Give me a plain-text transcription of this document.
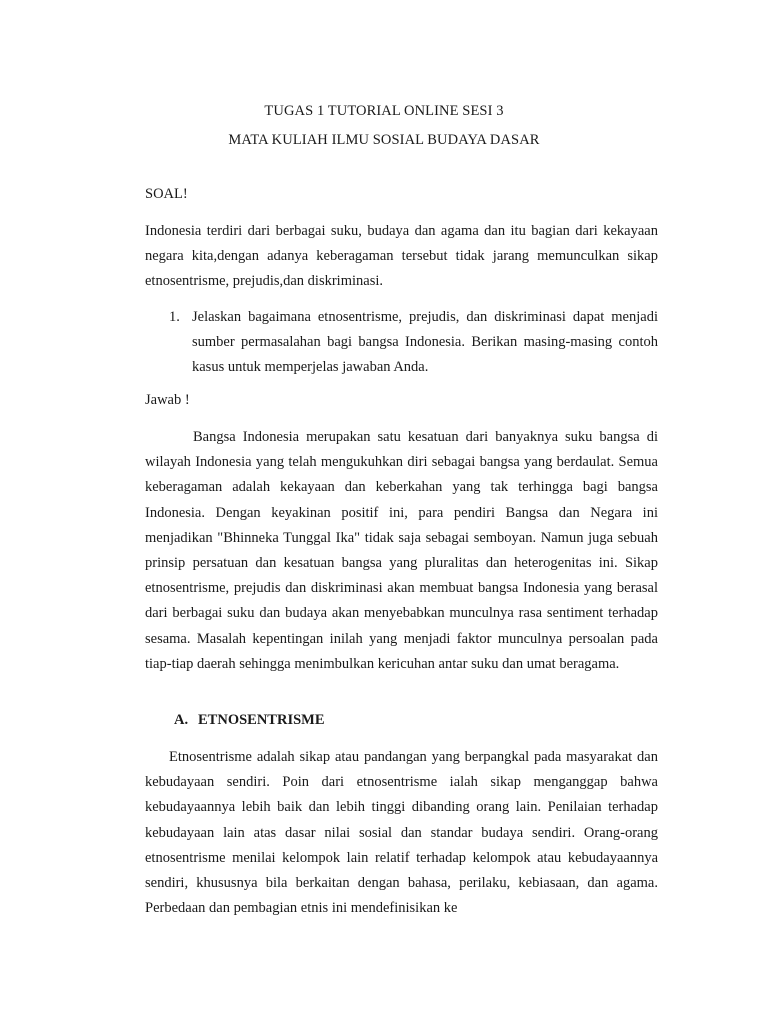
TUGAS 1 TUTORIAL ONLINE SESI 3
MATA KULIAH ILMU SOSIAL BUDAYA DASAR
SOAL!

Indonesia terdiri dari berbagai suku, budaya dan agama dan itu bagian dari kekayaan negara kita,dengan adanya keberagaman tersebut tidak jarang memunculkan sikap etnosentrisme, prejudis,dan diskriminasi.

1. Jelaskan bagaimana etnosentrisme, prejudis, dan diskriminasi dapat menjadi sumber permasalahan bagi bangsa Indonesia. Berikan masing-masing contoh kasus untuk memperjelas jawaban Anda.
Jawab !

Bangsa Indonesia merupakan satu kesatuan dari banyaknya suku bangsa di wilayah Indonesia yang telah mengukuhkan diri sebagai bangsa yang berdaulat. Semua keberagaman adalah kekayaan dan keberkahan yang tak terhingga bagi bangsa Indonesia. Dengan keyakinan positif ini, para pendiri Bangsa dan Negara ini menjadikan "Bhinneka Tunggal Ika" tidak saja sebagai semboyan. Namun juga sebuah prinsip persatuan dan kesatuan bangsa yang pluralitas dan heterogenitas ini. Sikap etnosentrisme, prejudis dan diskriminasi akan membuat bangsa Indonesia yang berasal dari berbagai suku dan budaya akan menyebabkan munculnya rasa sentiment terhadap sesama. Masalah kepentingan inilah yang menjadi faktor munculnya persoalan pada tiap-tiap daerah sehingga menimbulkan kericuhan antar suku dan umat beragama.

A. ETNOSENTRISME

Etnosentrisme adalah sikap atau pandangan yang berpangkal pada masyarakat dan kebudayaan sendiri. Poin dari etnosentrisme ialah sikap menganggap bahwa kebudayaannya lebih baik dan lebih tinggi dibanding orang lain. Penilaian terhadap kebudayaan lain atas dasar nilai sosial dan standar budaya sendiri. Orang-orang etnosentrisme menilai kelompok lain relatif terhadap kelompok atau kebudayaannya sendiri, khususnya bila berkaitan dengan bahasa, perilaku, kebiasaan, dan agama. Perbedaan dan pembagian etnis ini mendefinisikan ke
